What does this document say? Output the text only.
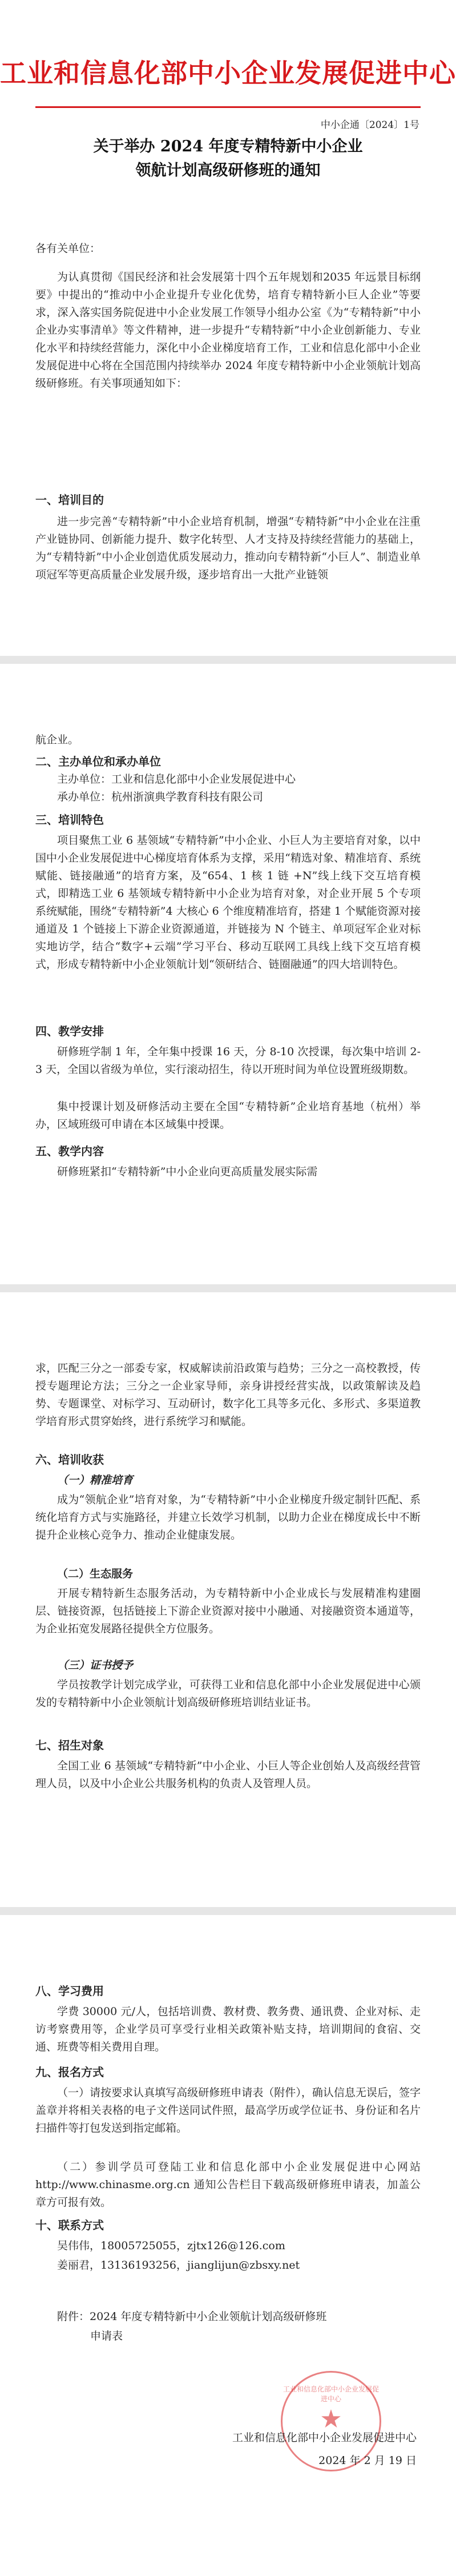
工业和信息化部中小企业发展促进中心
中小企通〔2024〕1号
关于举办 2024 年度专精特新中小企业
领航计划高级研修班的通知
各有关单位：
为认真贯彻《国民经济和社会发展第十四个五年规划和2035 年远景目标纲要》中提出的“推动中小企业提升专业化优势，培育专精特新小巨人企业”等要求，深入落实国务院促进中小企业发展工作领导小组办公室《为“专精特新”中小企业办实事清单》等文件精神，进一步提升“专精特新”中小企业创新能力、专业化水平和持续经营能力，深化中小企业梯度培育工作，工业和信息化部中小企业发展促进中心将在全国范围内持续举办 2024 年度专精特新中小企业领航计划高级研修班。有关事项通知如下：
一、培训目的
进一步完善“专精特新”中小企业培育机制，增强“专精特新”中小企业在注重产业链协同、创新能力提升、数字化转型、人才支持及持续经营能力的基础上，为“专精特新”中小企业创造优质发展动力，推动向专精特新“小巨人”、制造业单项冠军等更高质量企业发展升级，逐步培育出一大批产业链领
航企业。
二、主办单位和承办单位
主办单位：工业和信息化部中小企业发展促进中心
承办单位：杭州浙演典学教育科技有限公司
三、培训特色
项目聚焦工业 6 基领域“专精特新”中小企业、小巨人为主要培育对象，以中国中小企业发展促进中心梯度培育体系为支撑，采用“精选对象、精准培育、系统赋能、链接融通”的培育方案，及“654、1 核 1 链 +N”线上线下交互培育模式，即精选工业 6 基领域专精特新中小企业为培育对象，对企业开展 5 个专项系统赋能，围绕“专精特新”4 大核心 6 个维度精准培育，搭建 1 个赋能资源对接通道及 1 个链接上下游企业资源通道，并链接为 N 个链主、单项冠军企业对标实地访学，结合“数字+云端”学习平台、移动互联网工具线上线下交互培育模式，形成专精特新中小企业领航计划“领研结合、链圈融通”的四大培训特色。
四、教学安排
研修班学制 1 年，全年集中授课 16 天，分 8-10 次授课，每次集中培训 2-3 天，全国以省级为单位，实行滚动招生，待以开班时间为单位设置班级期数。
集中授课计划及研修活动主要在全国“专精特新”企业培育基地（杭州）举办，区域班级可申请在本区域集中授课。
五、教学内容
研修班紧扣“专精特新”中小企业向更高质量发展实际需
求，匹配三分之一部委专家，权威解读前沿政策与趋势；三分之一高校教授，传授专题理论方法；三分之一企业家导师，亲身讲授经营实战，以政策解读及趋势、专题课堂、对标学习、互动研讨，数字化工具等多元化、多形式、多渠道教学培育形式贯穿始终，进行系统学习和赋能。
六、培训收获
（一）精准培育
成为“领航企业”培育对象，为“专精特新”中小企业梯度升级定制针匹配、系统化培育方式与实施路径，并建立长效学习机制，以助力企业在梯度成长中不断提升企业核心竞争力、推动企业健康发展。
（二）生态服务
开展专精特新生态服务活动，为专精特新中小企业成长与发展精准构建圈层、链接资源，包括链接上下游企业资源对接中小融通、对接融资资本通道等，为企业拓宽发展路径提供全方位服务。
（三）证书授予
学员按教学计划完成学业，可获得工业和信息化部中小企业发展促进中心颁发的专精特新中小企业领航计划高级研修班培训结业证书。
七、招生对象
全国工业 6 基领域“专精特新”中小企业、小巨人等企业创始人及高级经营管理人员，以及中小企业公共服务机构的负责人及管理人员。
八、学习费用
学费 30000 元/人，包括培训费、教材费、教务费、通讯费、企业对标、走访考察费用等，企业学员可享受行业相关政策补贴支持，培训期间的食宿、交通、班费等相关费用自理。
九、报名方式
（一）请按要求认真填写高级研修班申请表（附件），确认信息无误后，签字盖章并将相关表格的电子文件送同试件照，最高学历或学位证书、身份证和名片扫描件等打包发送到指定邮箱。
（二）参训学员可登陆工业和信息化部中小企业发展促进中心网站 http://www.chinasme.org.cn 通知公告栏目下载高级研修班申请表，加盖公章方可报有效。
十、联系方式
吴伟伟，18005725055，zjtx126@126.com
姜丽君，13136193256，jianglijun@zbsxy.net
附件：2024 年度专精特新中小企业领航计划高级研修班
申请表
工业和信息化部中小企业发展促进中心
★
工业和信息化部中小企业发展促进中心
2024 年 2 月 19 日
